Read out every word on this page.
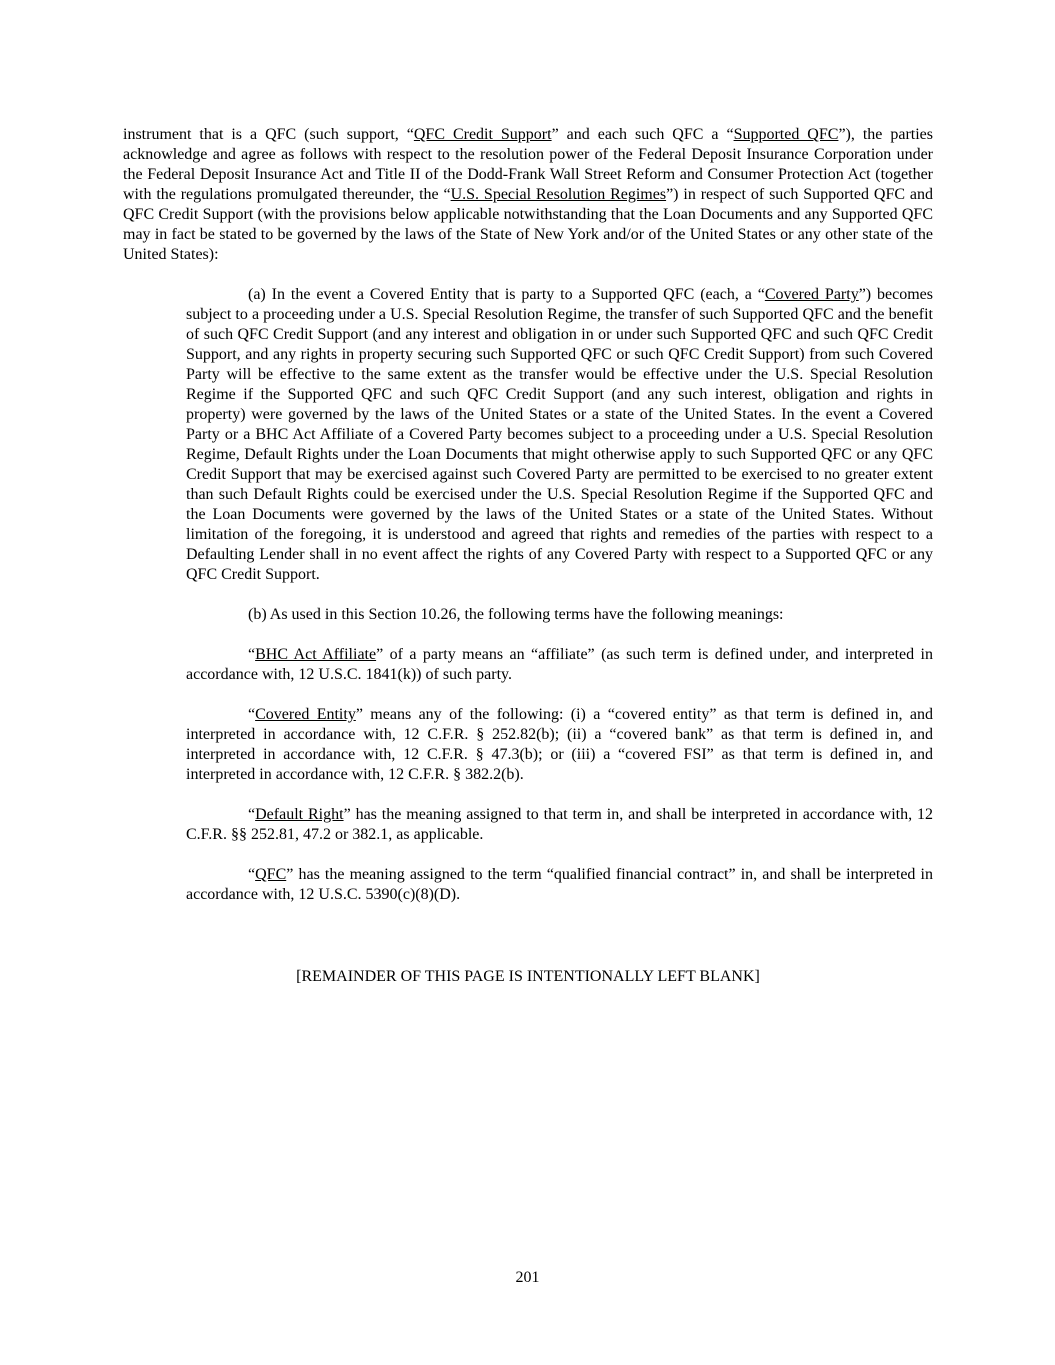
instrument that is a QFC (such support, “QFC Credit Support” and each such QFC a “Supported QFC”), the parties acknowledge and agree as follows with respect to the resolution power of the Federal Deposit Insurance Corporation under the Federal Deposit Insurance Act and Title II of the Dodd-Frank Wall Street Reform and Consumer Protection Act (together with the regulations promulgated thereunder, the “U.S. Special Resolution Regimes”) in respect of such Supported QFC and QFC Credit Support (with the provisions below applicable notwithstanding that the Loan Documents and any Supported QFC may in fact be stated to be governed by the laws of the State of New York and/or of the United States or any other state of the United States):

(a) In the event a Covered Entity that is party to a Supported QFC (each, a “Covered Party”) becomes subject to a proceeding under a U.S. Special Resolution Regime, the transfer of such Supported QFC and the benefit of such QFC Credit Support (and any interest and obligation in or under such Supported QFC and such QFC Credit Support, and any rights in property securing such Supported QFC or such QFC Credit Support) from such Covered Party will be effective to the same extent as the transfer would be effective under the U.S. Special Resolution Regime if the Supported QFC and such QFC Credit Support (and any such interest, obligation and rights in property) were governed by the laws of the United States or a state of the United States. In the event a Covered Party or a BHC Act Affiliate of a Covered Party becomes subject to a proceeding under a U.S. Special Resolution Regime, Default Rights under the Loan Documents that might otherwise apply to such Supported QFC or any QFC Credit Support that may be exercised against such Covered Party are permitted to be exercised to no greater extent than such Default Rights could be exercised under the U.S. Special Resolution Regime if the Supported QFC and the Loan Documents were governed by the laws of the United States or a state of the United States. Without limitation of the foregoing, it is understood and agreed that rights and remedies of the parties with respect to a Defaulting Lender shall in no event affect the rights of any Covered Party with respect to a Supported QFC or any QFC Credit Support.

(b) As used in this Section 10.26, the following terms have the following meanings:

“BHC Act Affiliate” of a party means an “affiliate” (as such term is defined under, and interpreted in accordance with, 12 U.S.C. 1841(k)) of such party.

“Covered Entity” means any of the following: (i) a “covered entity” as that term is defined in, and interpreted in accordance with, 12 C.F.R. § 252.82(b); (ii) a “covered bank” as that term is defined in, and interpreted in accordance with, 12 C.F.R. § 47.3(b); or (iii) a “covered FSI” as that term is defined in, and interpreted in accordance with, 12 C.F.R. § 382.2(b).

“Default Right” has the meaning assigned to that term in, and shall be interpreted in accordance with, 12 C.F.R. §§ 252.81, 47.2 or 382.1, as applicable.

“QFC” has the meaning assigned to the term “qualified financial contract” in, and shall be interpreted in accordance with, 12 U.S.C. 5390(c)(8)(D).

[REMAINDER OF THIS PAGE IS INTENTIONALLY LEFT BLANK]

201
